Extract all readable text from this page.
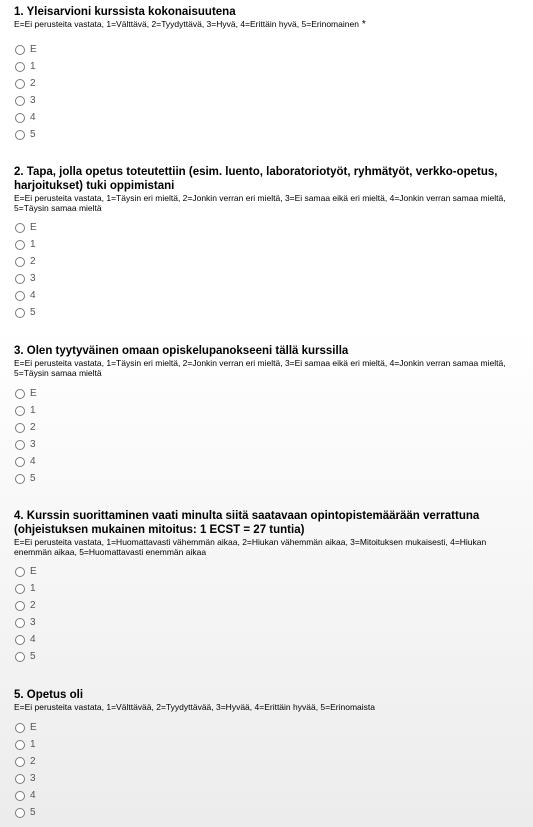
1. Yleisarvioni kurssista kokonaisuutena

E=Ei perusteita vastata, 1=Välttävä, 2=Tyydyttävä, 3=Hyvä, 4=Erittäin hyvä, 5=Erinomainen *

E
1
2
3
4
5

2. Tapa, jolla opetus toteutettiin (esim. luento, laboratoriotyöt, ryhmätyöt, verkko-opetus, harjoitukset) tuki oppimistani

E=Ei perusteita vastata, 1=Täysin eri mieltä, 2=Jonkin verran eri mieltä, 3=Ei samaa eikä eri mieltä, 4=Jonkin verran samaa mieltä, 5=Täysin samaa mieltä

E
1
2
3
4
5

3. Olen tyytyväinen omaan opiskelupanokseeni tällä kurssilla

E=Ei perusteita vastata, 1=Täysin eri mieltä, 2=Jonkin verran eri mieltä, 3=Ei samaa eikä eri mieltä, 4=Jonkin verran samaa mieltä, 5=Täysin samaa mieltä

E
1
2
3
4
5

4. Kurssin suorittaminen vaati minulta siitä saatavaan opintopistemäärään verrattuna (ohjeistuksen mukainen mitoitus: 1 ECST = 27 tuntia)

E=Ei perusteita vastata, 1=Huomattavasti vähemmän aikaa, 2=Hiukan vähemmän aikaa, 3=Mitoituksen mukaisesti, 4=Hiukan enemmän aikaa, 5=Huomattavasti enemmän aikaa

E
1
2
3
4
5

5. Opetus oli

E=Ei perusteita vastata, 1=Välttävää, 2=Tyydyttävää, 3=Hyvää, 4=Erittäin hyvää, 5=Erinomaista

E
1
2
3
4
5
